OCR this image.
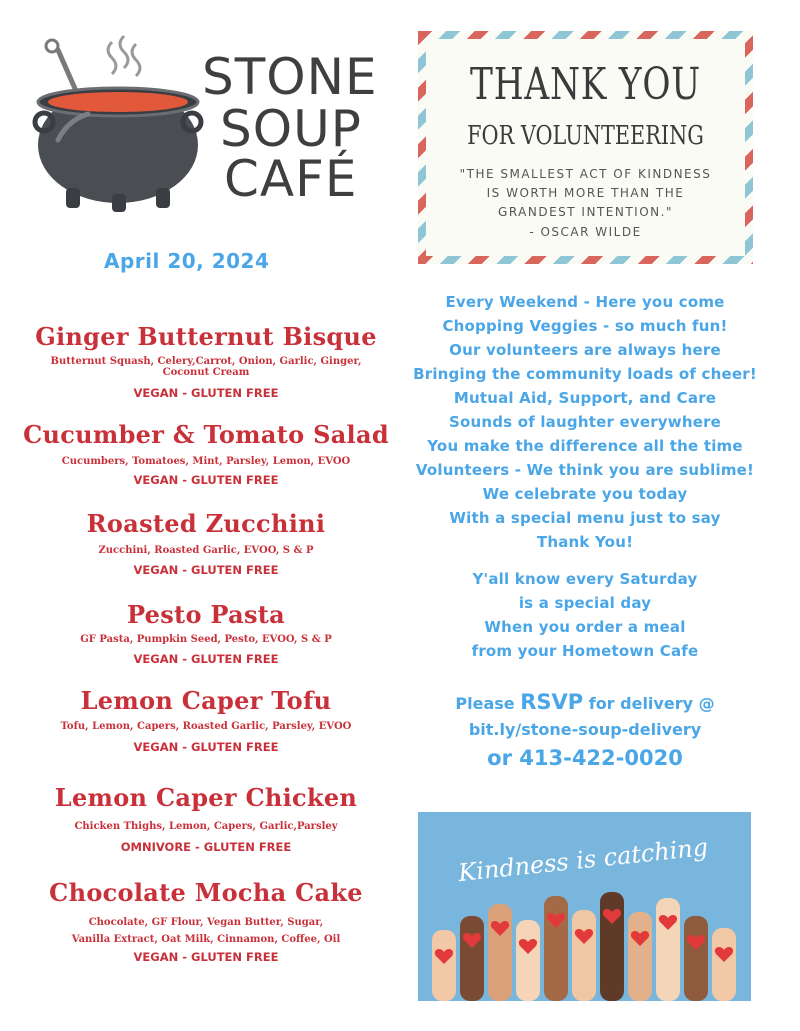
STONE
SOUP
CAFÉ
THANK YOU
FOR VOLUNTEERING
"THE SMALLEST ACT OF KINDNESS
IS WORTH MORE THAN THE
GRANDEST INTENTION."
- OSCAR WILDE
April 20, 2024
Ginger Butternut Bisque
Butternut Squash, Celery,Carrot, Onion, Garlic, Ginger,
Coconut Cream
VEGAN - GLUTEN FREE
Cucumber & Tomato Salad
Cucumbers, Tomatoes, Mint, Parsley, Lemon, EVOO
VEGAN - GLUTEN FREE
Roasted Zucchini
Zucchini, Roasted Garlic, EVOO, S & P
VEGAN - GLUTEN FREE
Pesto Pasta
GF Pasta, Pumpkin Seed, Pesto, EVOO, S & P
VEGAN - GLUTEN FREE
Lemon Caper Tofu
Tofu, Lemon, Capers, Roasted Garlic, Parsley, EVOO
VEGAN - GLUTEN FREE
Lemon Caper Chicken
Chicken Thighs, Lemon, Capers, Garlic,Parsley
OMNIVORE - GLUTEN FREE
Chocolate Mocha Cake
Chocolate, GF Flour, Vegan Butter, Sugar,
Vanilla Extract, Oat Milk, Cinnamon, Coffee, Oil
VEGAN - GLUTEN FREE
Every Weekend - Here you come
Chopping Veggies - so much fun!
Our volunteers are always here
Bringing the community loads of cheer!
Mutual Aid, Support, and Care
Sounds of laughter everywhere
You make the difference all the time
Volunteers - We think you are sublime!
We celebrate you today
With a special menu just to say
Thank You!
Y'all know every Saturday
is a special day
When you order a meal
from your Hometown Cafe
Please RSVP for delivery @
bit.ly/stone-soup-delivery
or 413-422-0020
Kindness is catching
